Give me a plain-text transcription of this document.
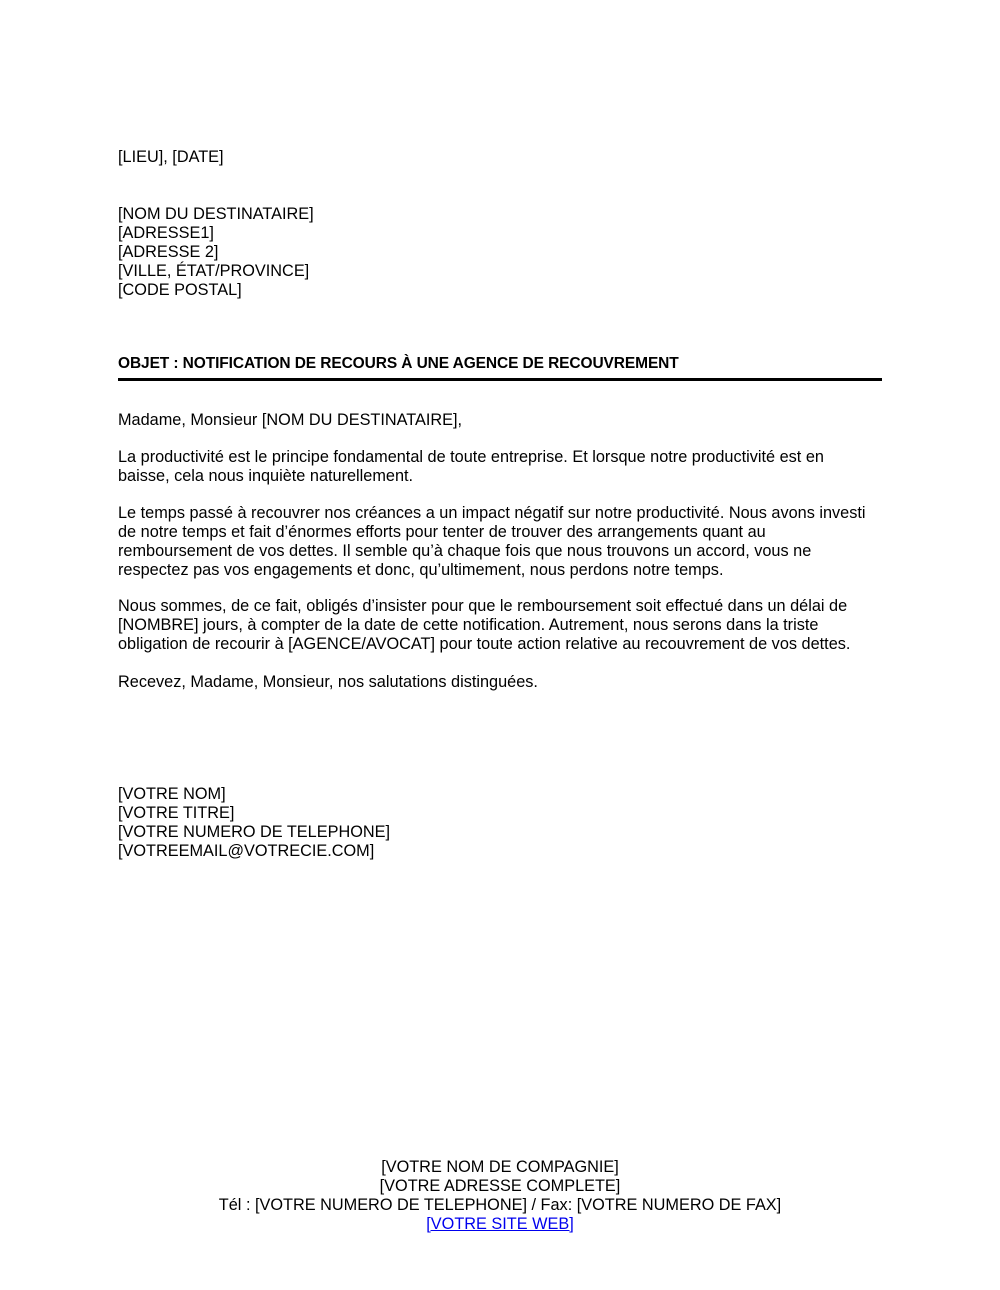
[LIEU], [DATE]
[NOM DU DESTINATAIRE]
[ADRESSE1]
[ADRESSE 2]
[VILLE, ÉTAT/PROVINCE]
[CODE POSTAL]
OBJET : NOTIFICATION DE RECOURS À UNE AGENCE DE RECOUVREMENT
Madame, Monsieur [NOM DU DESTINATAIRE],
La productivité est le principe fondamental de toute entreprise. Et lorsque notre productivité est en
baisse, cela nous inquiète naturellement.
Le temps passé à recouvrer nos créances a un impact négatif sur notre productivité. Nous avons investi
de notre temps et fait d’énormes efforts pour tenter de trouver des arrangements quant au
remboursement de vos dettes. Il semble qu’à chaque fois que nous trouvons un accord, vous ne
respectez pas vos engagements et donc, qu’ultimement, nous perdons notre temps.
Nous sommes, de ce fait, obligés d’insister pour que le remboursement soit effectué dans un délai de
[NOMBRE] jours, à compter de la date de cette notification. Autrement, nous serons dans la triste
obligation de recourir à [AGENCE/AVOCAT] pour toute action relative au recouvrement de vos dettes.
Recevez, Madame, Monsieur, nos salutations distinguées.
[VOTRE NOM]
[VOTRE TITRE]
[VOTRE NUMERO DE TELEPHONE]
[VOTREEMAIL@VOTRECIE.COM]
[VOTRE NOM DE COMPAGNIE]
[VOTRE ADRESSE COMPLETE]
Tél : [VOTRE NUMERO DE TELEPHONE] / Fax: [VOTRE NUMERO DE FAX]
[VOTRE SITE WEB]
